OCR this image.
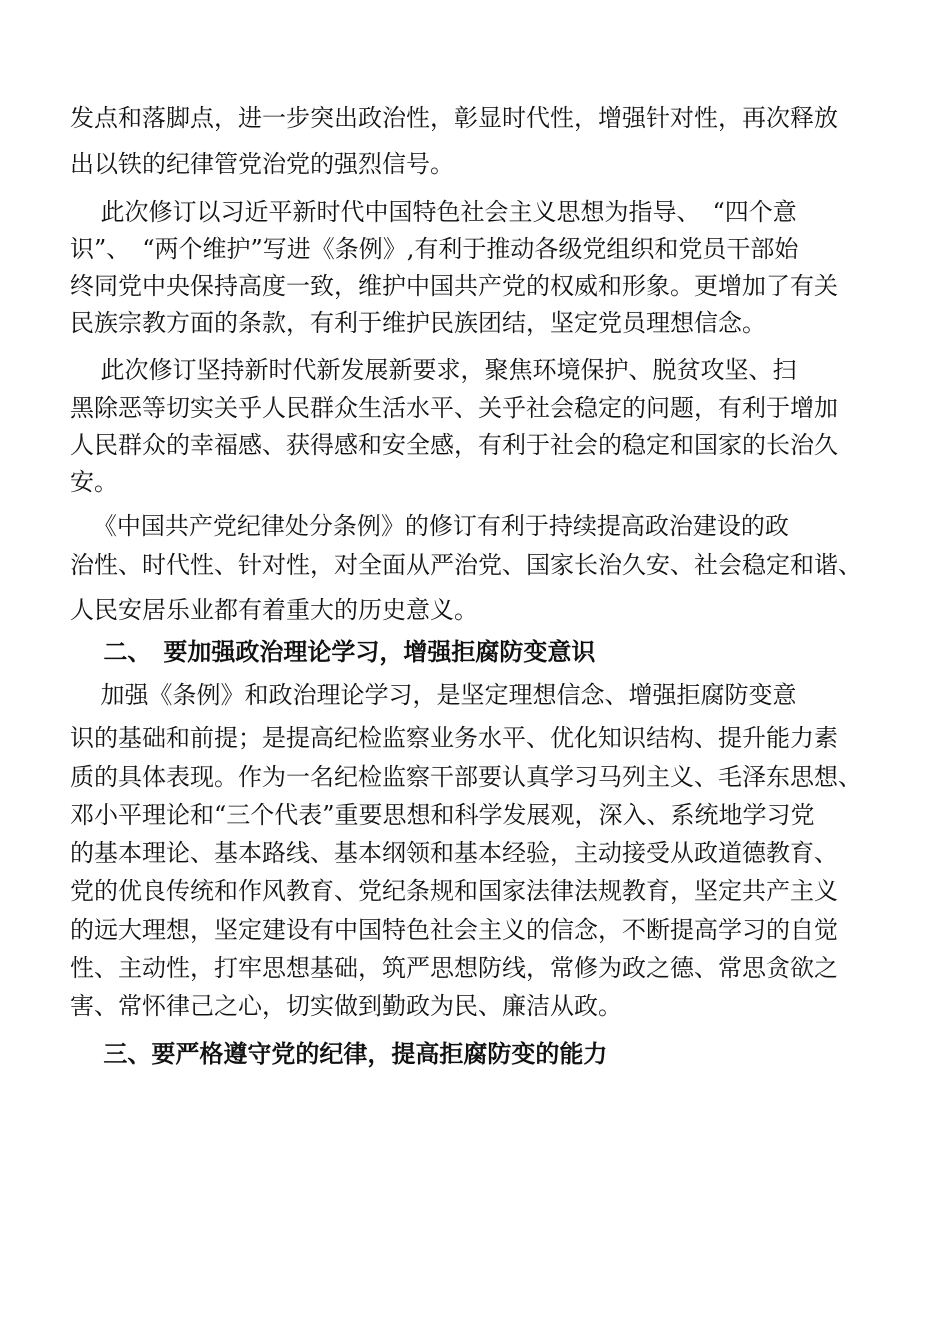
发点和落脚点，进一步突出政治性，彰显时代性，增强针对性，再次释放
出以铁的纪律管党治党的强烈信号。
此次修订以习近平新时代中国特色社会主义思想为指导、　“四个意
识”、　“两个维护”写进《条例》,有利于推动各级党组织和党员干部始
终同党中央保持高度一致，维护中国共产党的权威和形象。更增加了有关
民族宗教方面的条款，有利于维护民族团结，坚定党员理想信念。
此次修订坚持新时代新发展新要求，聚焦环境保护、脱贫攻坚、扫
黑除恶等切实关乎人民群众生活水平、关乎社会稳定的问题，有利于增加
人民群众的幸福感、获得感和安全感，有利于社会的稳定和国家的长治久
安。
《中国共产党纪律处分条例》的修订有利于持续提高政治建设的政
治性、时代性、针对性，对全面从严治党、国家长治久安、社会稳定和谐、
人民安居乐业都有着重大的历史意义。
二、　要加强政治理论学习，增强拒腐防变意识
加强《条例》和政治理论学习，是坚定理想信念、增强拒腐防变意
识的基础和前提；是提高纪检监察业务水平、优化知识结构、提升能力素
质的具体表现。作为一名纪检监察干部要认真学习马列主义、毛泽东思想、
邓小平理论和“三个代表”重要思想和科学发展观，深入、系统地学习党
的基本理论、基本路线、基本纲领和基本经验，主动接受从政道德教育、
党的优良传统和作风教育、党纪条规和国家法律法规教育，坚定共产主义
的远大理想，坚定建设有中国特色社会主义的信念，不断提高学习的自觉
性、主动性，打牢思想基础，筑严思想防线，常修为政之德、常思贪欲之
害、常怀律己之心，切实做到勤政为民、廉洁从政。
三、要严格遵守党的纪律，提高拒腐防变的能力
